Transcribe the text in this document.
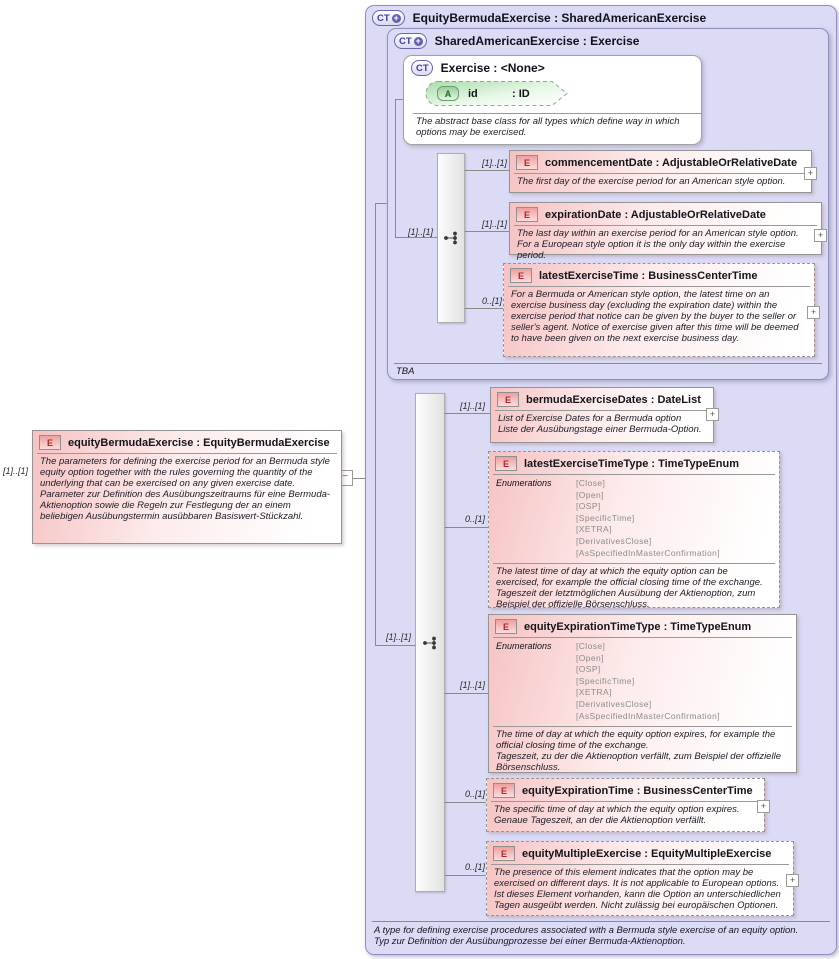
CT + EquityBermudaExercise : SharedAmericanExercise
A type for defining exercise procedures associated with a Bermuda style exercise of an equity option.
Typ zur Definition der Ausübungprozesse bei einer Bermuda-Aktienoption.
CT + SharedAmericanExercise : Exercise
TBA
CT Exercise : <None>
A	id	: ID
The abstract base class for all types which define way in which options may be exercised.
−
[1]..[1]
[1]..[1]
[1]..[1]
0..[1]
[1]..[1]
[1]..[1]
0..[1]
[1]..[1]
0..[1]
0..[1]
[1]..[1]
E	commencementDate : AdjustableOrRelativeDate
The first day of the exercise period for an American style option.
+
E	expirationDate : AdjustableOrRelativeDate
The last day within an exercise period for an American style option. For a European style option it is the only day within the exercise period.
+
E	latestExerciseTime : BusinessCenterTime
For a Bermuda or American style option, the latest time on an exercise business day (excluding the expiration date) within the exercise period that notice can be given by the buyer to the seller or seller's agent. Notice of exercise given after this time will be deemed to have been given on the next exercise business day.
+
E	bermudaExerciseDates : DateList
List of Exercise Dates for a Bermuda option
Liste der Ausübungstage einer Bermuda-Option.
+
E	latestExerciseTimeType : TimeTypeEnum
Enumerations	[Close]
[Open]
[OSP]
[SpecificTime]
[XETRA]
[DerivativesClose]
[AsSpecifiedInMasterConfirmation]
The latest time of day at which the equity option can be exercised, for example the official closing time of the exchange.
Tageszeit der letztmöglichen Ausübung der Aktienoption, zum Beispiel der offizielle Börsenschluss.
E	equityExpirationTimeType : TimeTypeEnum
Enumerations	[Close]
[Open]
[OSP]
[SpecificTime]
[XETRA]
[DerivativesClose]
[AsSpecifiedInMasterConfirmation]
The time of day at which the equity option expires, for example the official closing time of the exchange.
Tageszeit, zu der die Aktienoption verfällt, zum Beispiel der offizielle Börsenschluss.
E	equityExpirationTime : BusinessCenterTime
The specific time of day at which the equity option expires.
Genaue Tageszeit, an der die Aktienoption verfällt.
+
E	equityMultipleExercise : EquityMultipleExercise
The presence of this element indicates that the option may be exercised on different days. It is not applicable to European options.
Ist dieses Element vorhanden, kann die Option an unterschiedlichen Tagen ausgeübt werden. Nicht zulässig bei europäischen Optionen.
+
E	equityBermudaExercise : EquityBermudaExercise
The parameters for defining the exercise period for an Bermuda style equity option together with the rules governing the quantity of the underlying that can be exercised on any given exercise date.
Parameter zur Definition des Ausübungszeitraums für eine Bermuda-Aktienoption sowie die Regeln zur Festlegung der an einem beliebigen Ausübungstermin ausübbaren Basiswert-Stückzahl.
